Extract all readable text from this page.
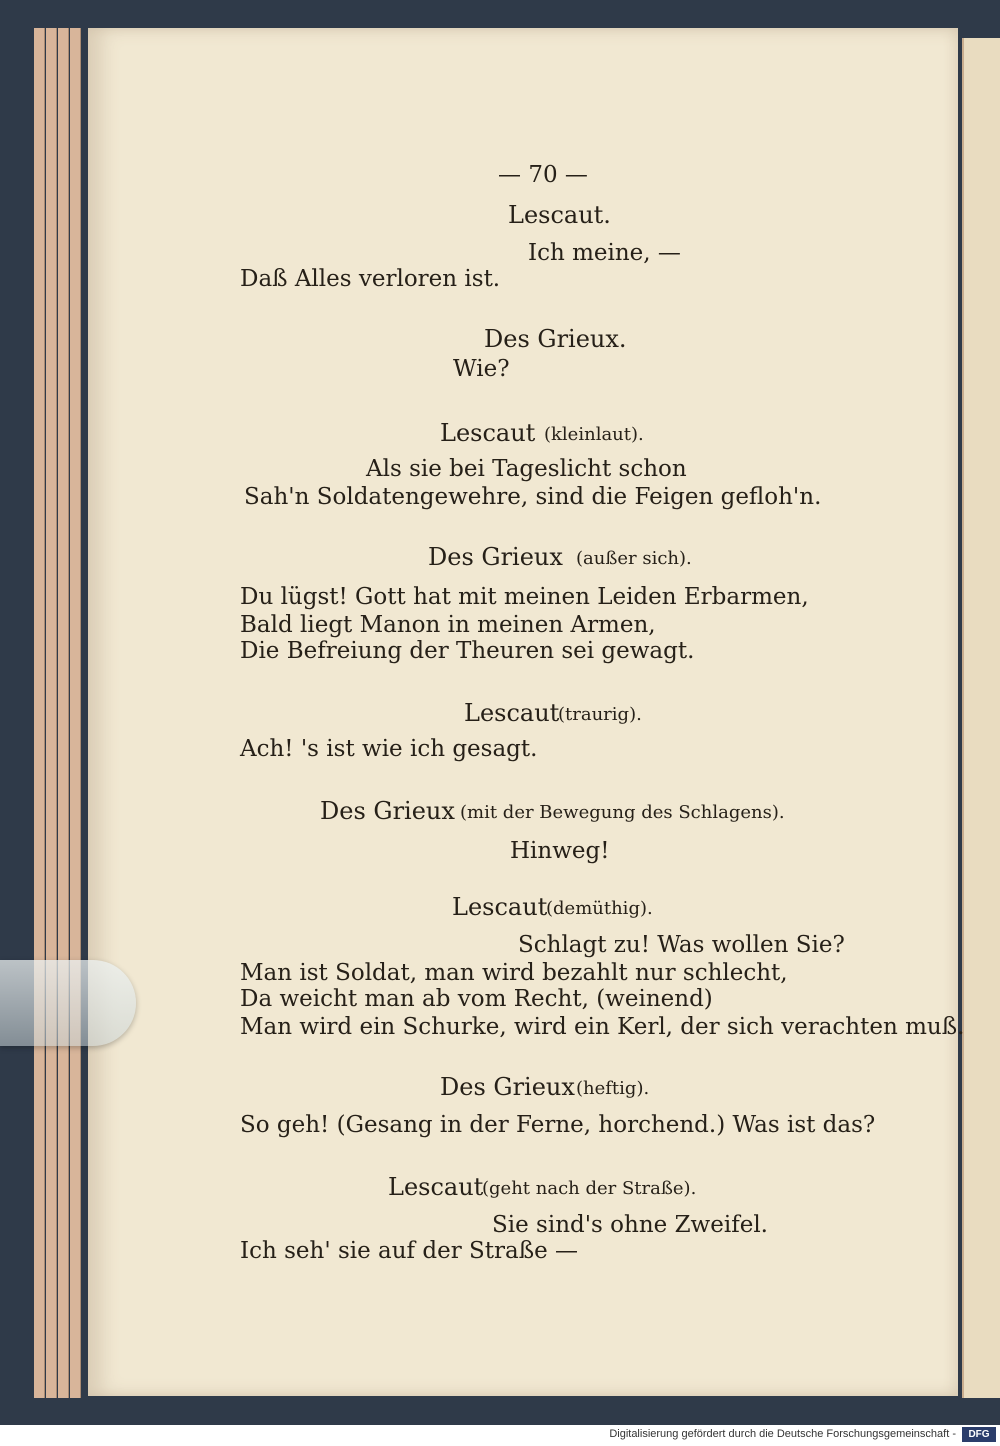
— 70 —
Lescaut.
Ich meine, —
Daß Alles verloren ist.
Des Grieux.
Wie?
Lescaut (kleinlaut).
Als sie bei Tageslicht schon
Sah'n Soldatengewehre, sind die Feigen gefloh'n.
Des Grieux (außer sich).
Du lügst! Gott hat mit meinen Leiden Erbarmen,
Bald liegt Manon in meinen Armen,
Die Befreiung der Theuren sei gewagt.
Lescaut
(traurig).
Ach! 's ist wie ich gesagt.
Des Grieux (mit der Bewegung des Schlagens).
Hinweg!
Lescaut
(demüthig).
Schlagt zu! Was wollen Sie?
Man ist Soldat, man wird bezahlt nur schlecht,
Da weicht man ab vom Recht, (weinend)
Man wird ein Schurke, wird ein Kerl, der sich verachten muß.
Des Grieux (heftig).
So geh! (Gesang in der Ferne, horchend.) Was ist das?
Lescaut
(geht nach der Straße).
Sie sind's ohne Zweifel.
Ich seh' sie auf der Straße —
Digitalisierung gefördert durch die Deutsche Forschungsgemeinschaft -	DFG
